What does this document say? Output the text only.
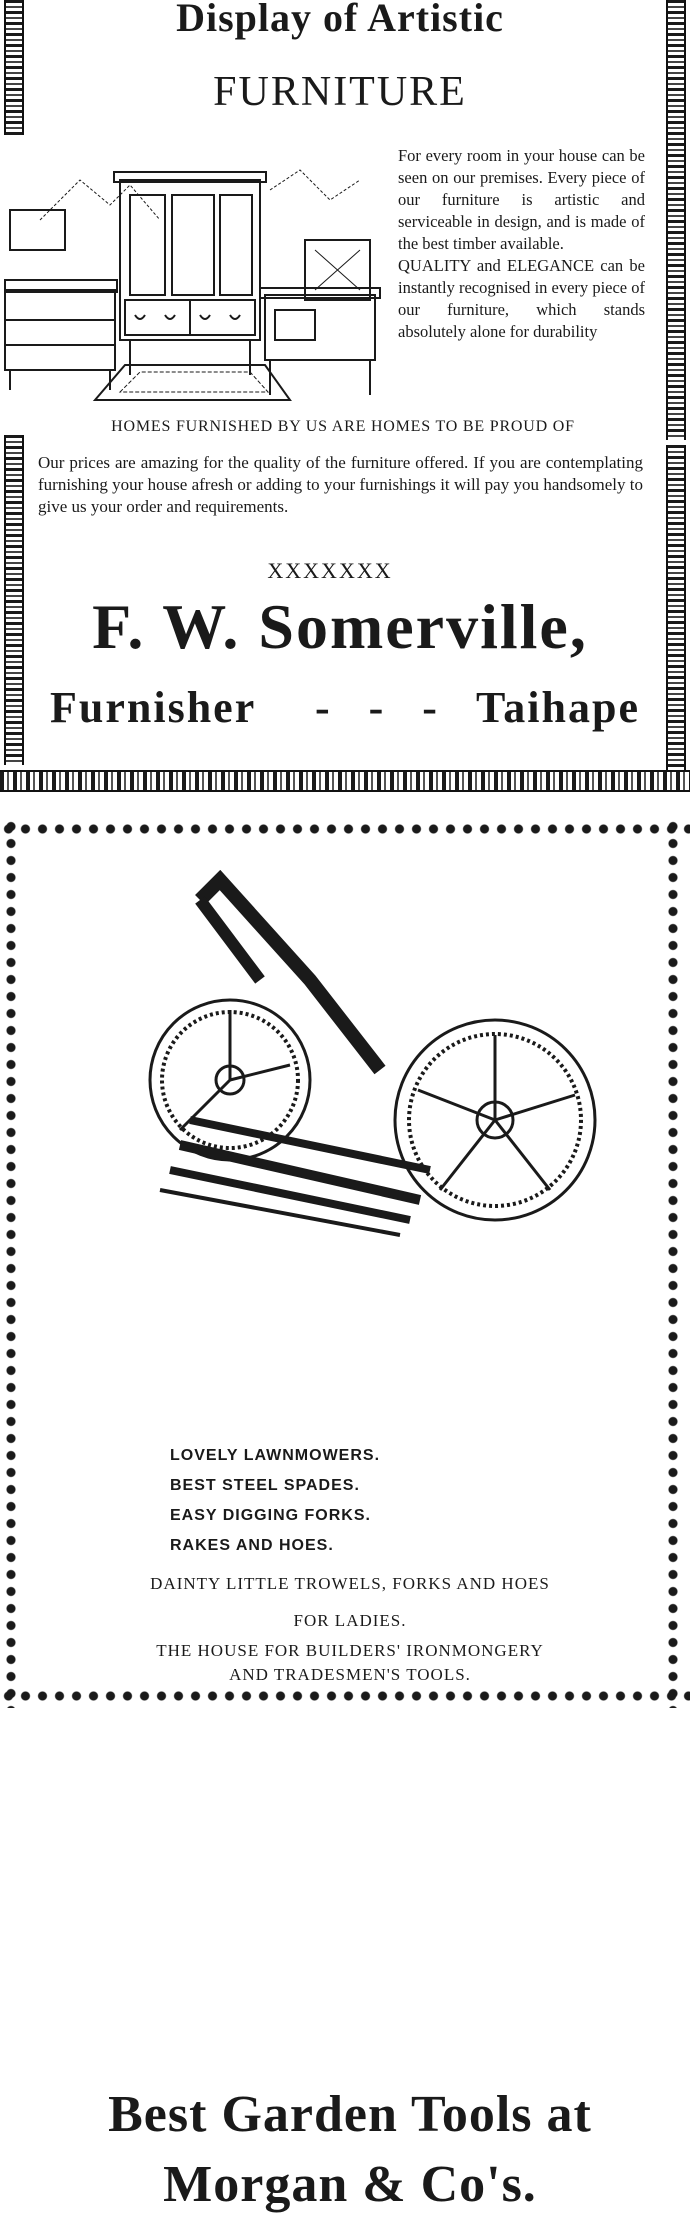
Display of Artistic
FURNITURE
For every room in your house can be seen on our premises. Every piece of our furniture is artistic and serviceable in design, and is made of the best timber available.
QUALITY and ELEGANCE can be instantly recognised in every piece of our furniture, which stands absolutely alone for durability
HOMES FURNISHED BY US ARE HOMES TO BE PROUD OF
Our prices are amazing for the quality of the furniture offered. If you are contemplating furnishing your house afresh or adding to your furnishings it will pay you handsomely to give us your order and requirements.
XXXXXXX
F. W. Somerville,
Furnisher - - - Taihape
Best Garden Tools at
Morgan & Co's.
LOVELY LAWNMOWERS.
BEST STEEL SPADES.
EASY DIGGING FORKS.
RAKES AND HOES.
DAINTY LITTLE TROWELS, FORKS AND HOES
FOR LADIES.
THE HOUSE FOR BUILDERS' IRONMONGERY
AND TRADESMEN'S TOOLS.
